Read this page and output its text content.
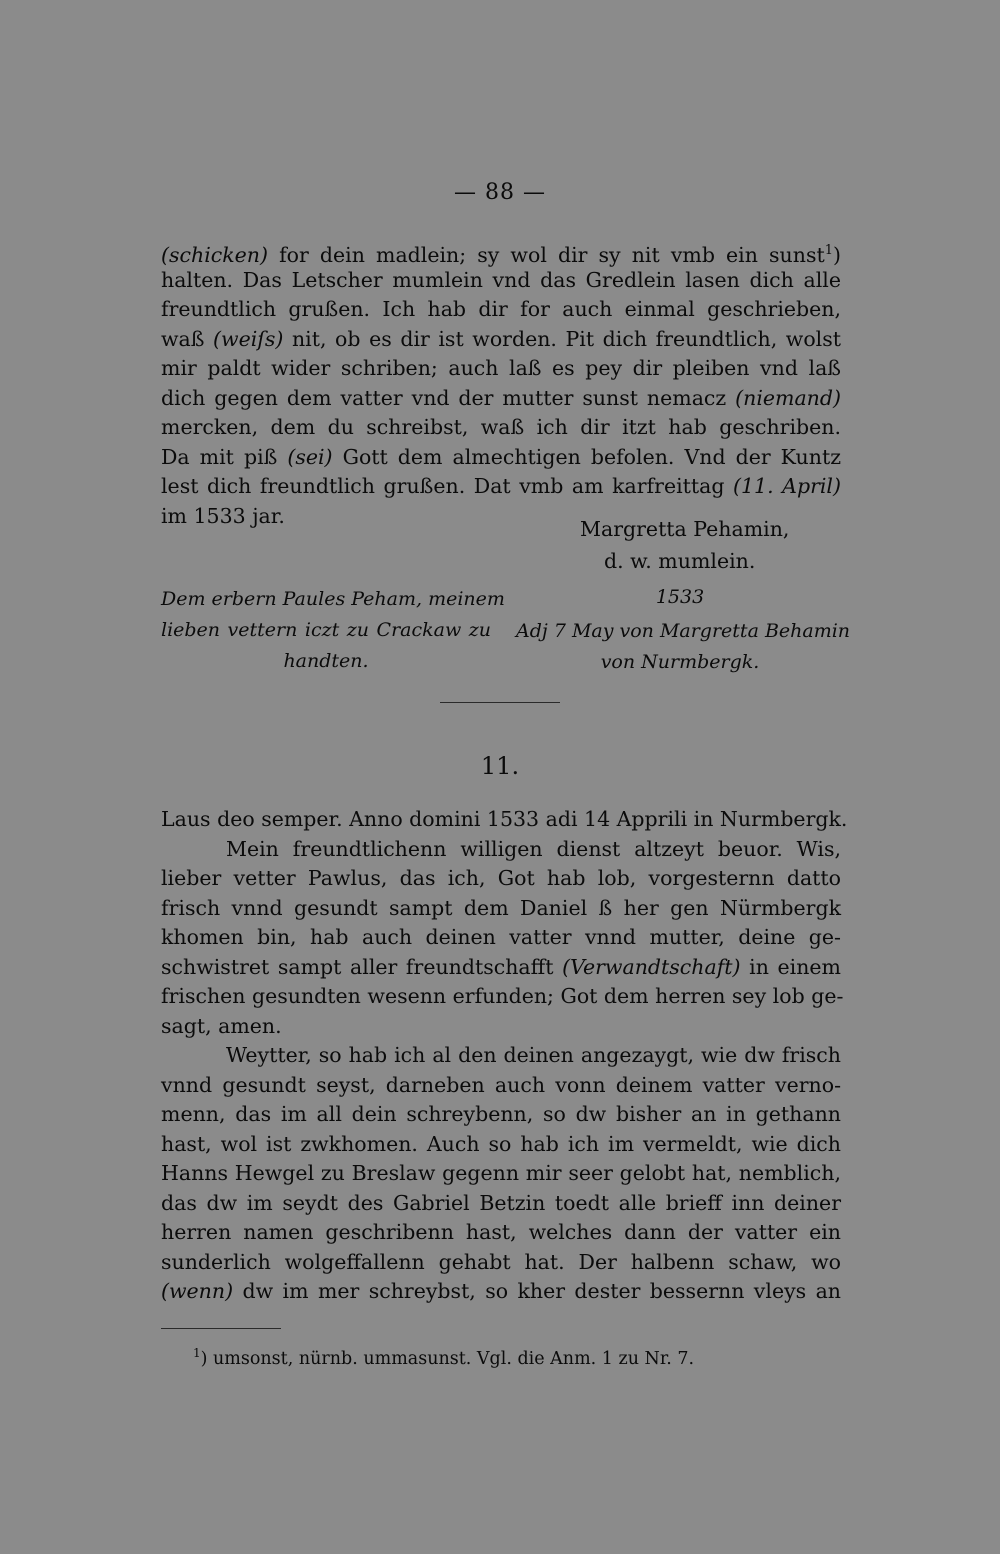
— 88 —
(schicken) for dein madlein; sy wol dir sy nit vmb ein sunst$^1$)
halten. Das Letscher mumlein vnd das Gredlein lasen dich alle
freundtlich grußen. Ich hab dir for auch einmal geschrieben,
waß (weiſs) nit, ob es dir ist worden. Pit dich freundtlich, wolst
mir paldt wider schriben; auch laß es pey dir pleiben vnd laß
dich gegen dem vatter vnd der mutter sunst nemacz (niemand)
mercken, dem du schreibst, waß ich dir itzt hab geschriben.
Da mit piß (sei) Gott dem almechtigen befolen. Vnd der Kuntz
lest dich freundtlich grußen. Dat vmb am karfreittag (11. April)
im 1533 jar.
Margretta Pehamin,
d. w. mumlein.
Dem erbern Paules Peham, meinem
lieben vettern iczt zu Crackaw zu
handten.
1533
Adj 7 May von Margretta Behamin
von Nurmbergk.
11.
Laus deo semper. Anno domini 1533 adi 14 Apprili in Nurmbergk.
Mein freundtlichenn willigen dienst altzeyt beuor. Wis,
lieber vetter Pawlus, das ich, Got hab lob, vorgesternn datto
frisch vnnd gesundt sampt dem Daniel ß her gen Nürmbergk
khomen bin, hab auch deinen vatter vnnd mutter, deine ge-
schwistret sampt aller freundtschafft (Verwandtschaft) in einem
frischen gesundten wesenn erfunden; Got dem herren sey lob ge-
sagt, amen.
Weytter, so hab ich al den deinen angezaygt, wie dw frisch
vnnd gesundt seyst, darneben auch vonn deinem vatter verno-
menn, das im all dein schreybenn, so dw bisher an in gethann
hast, wol ist zwkhomen. Auch so hab ich im vermeldt, wie dich
Hanns Hewgel zu Breslaw gegenn mir seer gelobt hat, nemblich,
das dw im seydt des Gabriel Betzin toedt alle brieff inn deiner
herren namen geschribenn hast, welches dann der vatter ein
sunderlich wolgeffallenn gehabt hat. Der halbenn schaw, wo
(wenn) dw im mer schreybst, so kher dester bessernn vleys an
$^1$) umsonst, nürnb. ummasunst. Vgl. die Anm. 1 zu Nr. 7.
